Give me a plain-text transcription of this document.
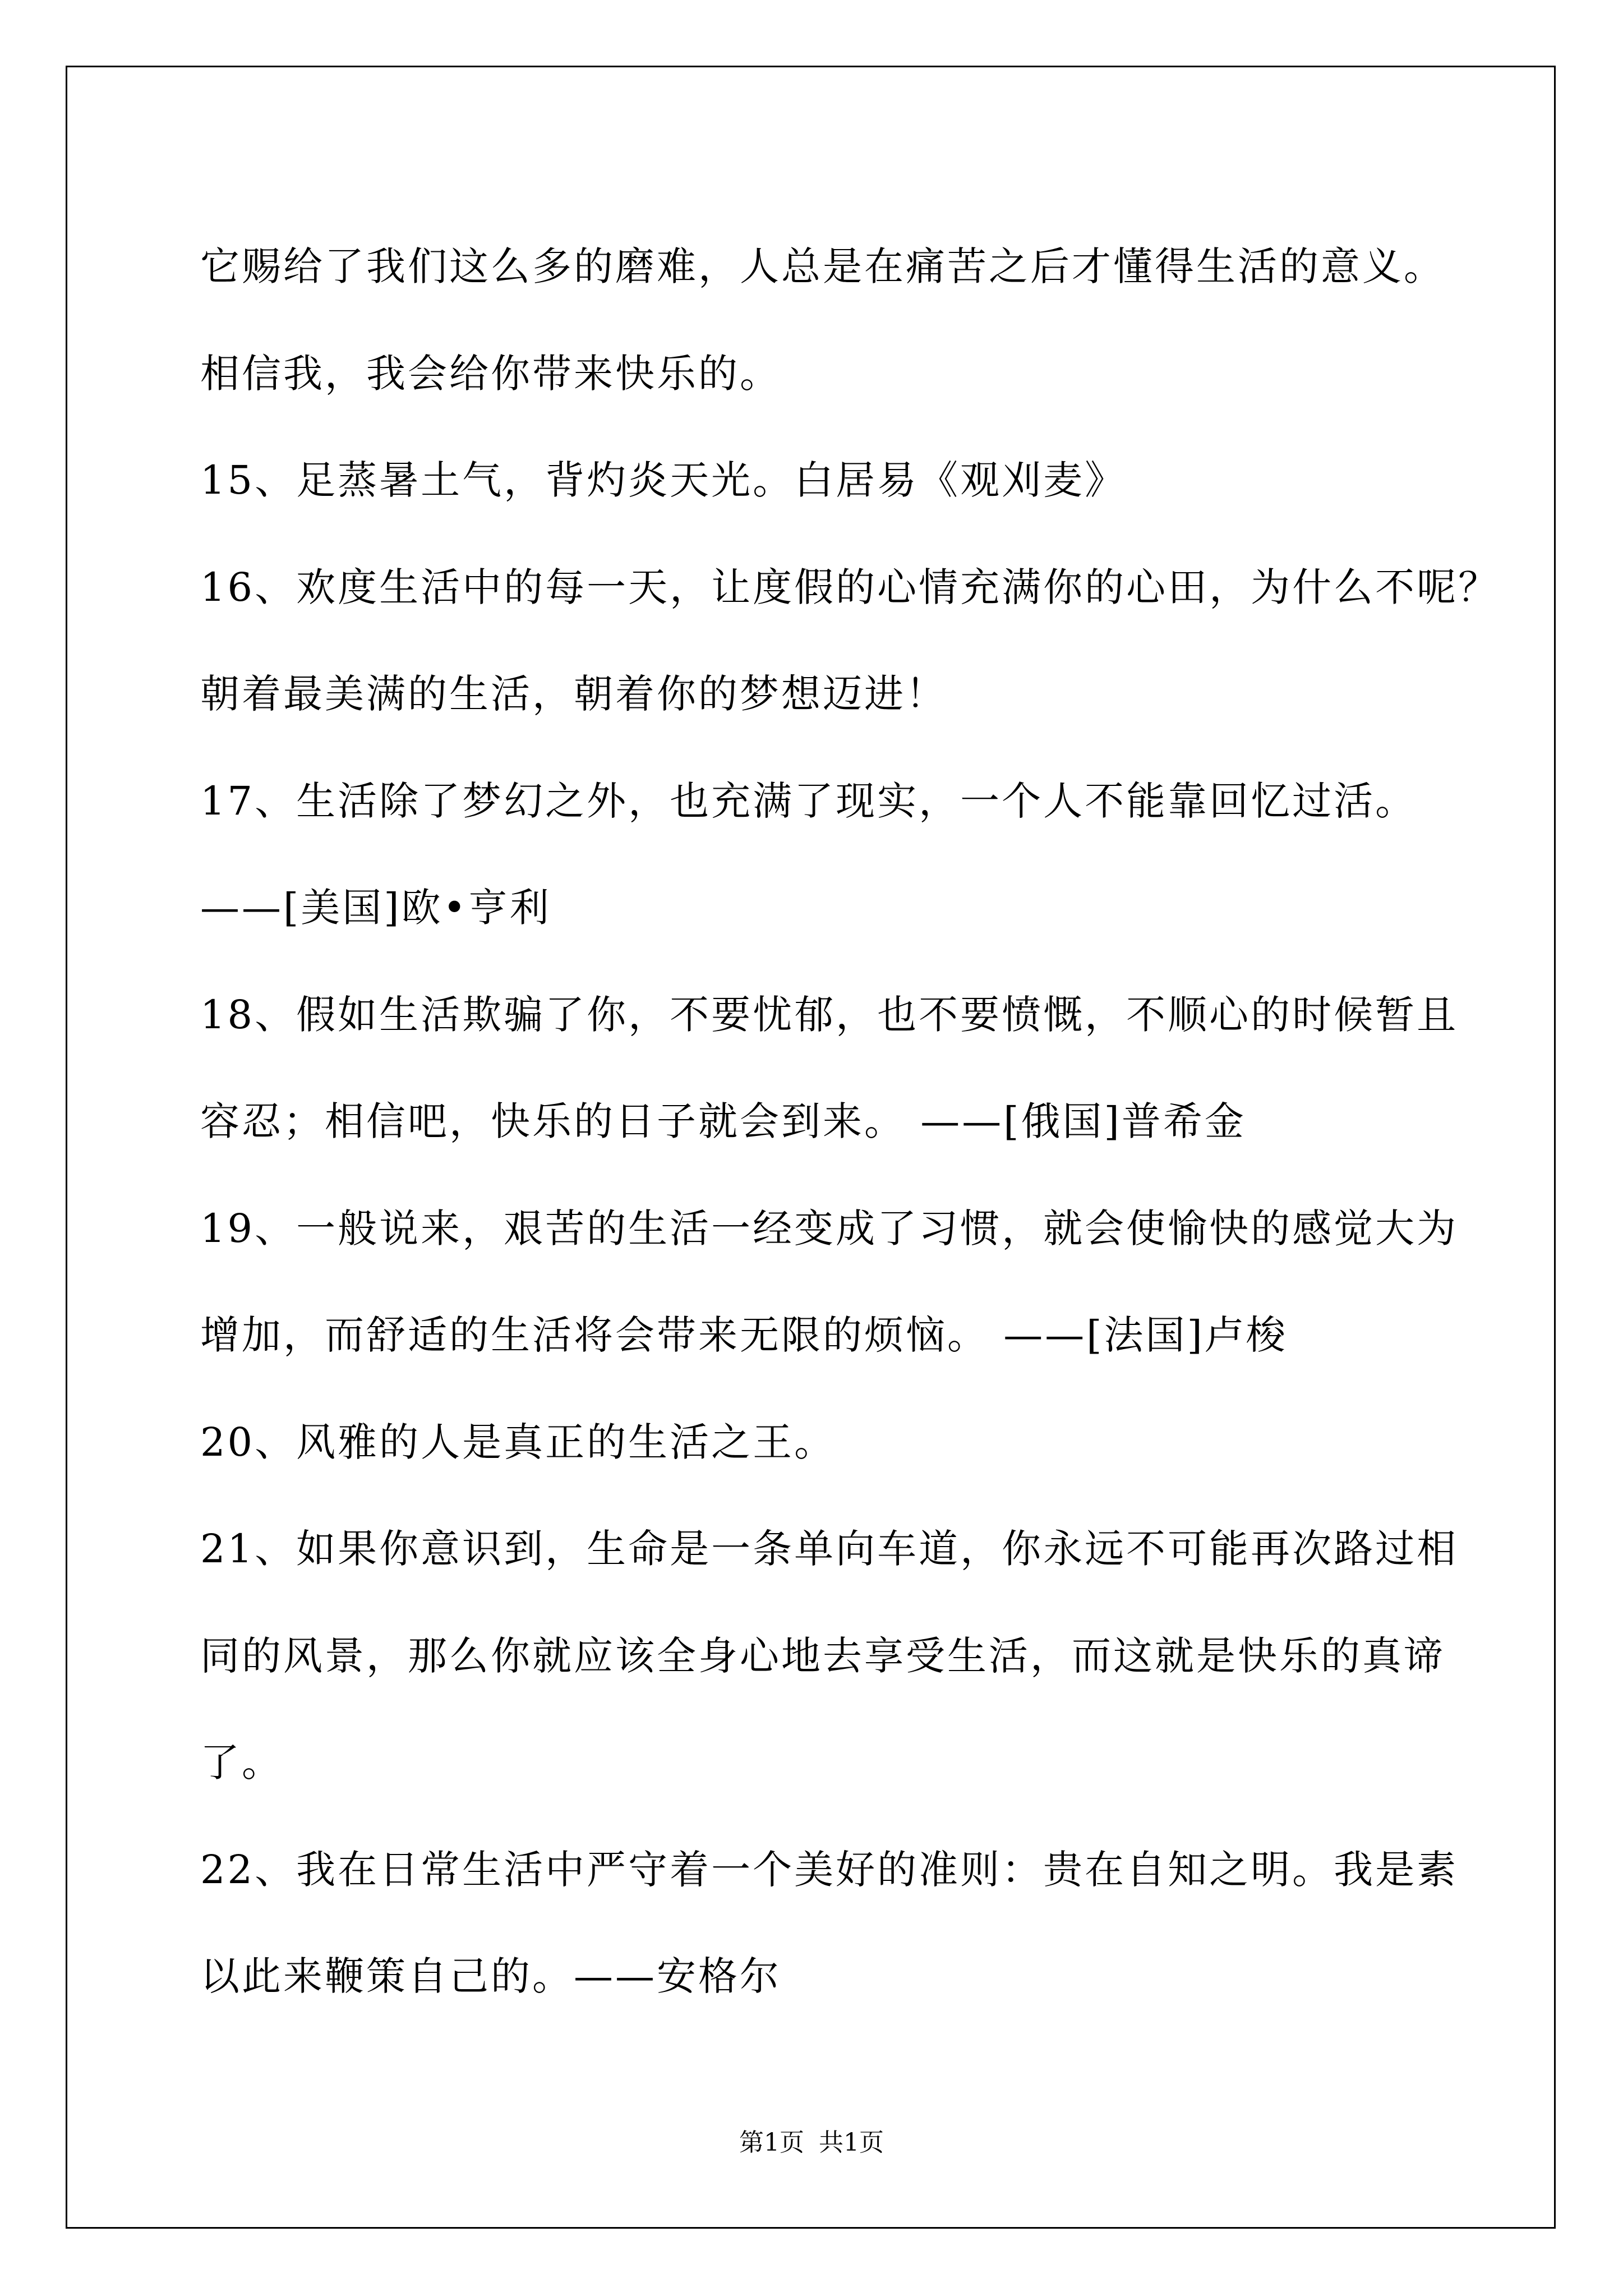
它赐给了我们这么多的磨难，人总是在痛苦之后才懂得生活的意义。
相信我，我会给你带来快乐的。
15、足蒸暑土气，背灼炎天光。白居易《观刈麦》
16、欢度生活中的每一天，让度假的心情充满你的心田，为什么不呢？
朝着最美满的生活，朝着你的梦想迈进！
17、生活除了梦幻之外，也充满了现实，一个人不能靠回忆过活。
——[美国]欧•亨利
18、假如生活欺骗了你，不要忧郁，也不要愤慨，不顺心的时候暂且
容忍；相信吧，快乐的日子就会到来。 ——[俄国]普希金
19、一般说来，艰苦的生活一经变成了习惯，就会使愉快的感觉大为
增加，而舒适的生活将会带来无限的烦恼。 ——[法国]卢梭
20、风雅的人是真正的生活之王。
21、如果你意识到，生命是一条单向车道，你永远不可能再次路过相
同的风景，那么你就应该全身心地去享受生活，而这就是快乐的真谛
了。
22、我在日常生活中严守着一个美好的准则：贵在自知之明。我是素
以此来鞭策自己的。——安格尔
第1页 共1页
